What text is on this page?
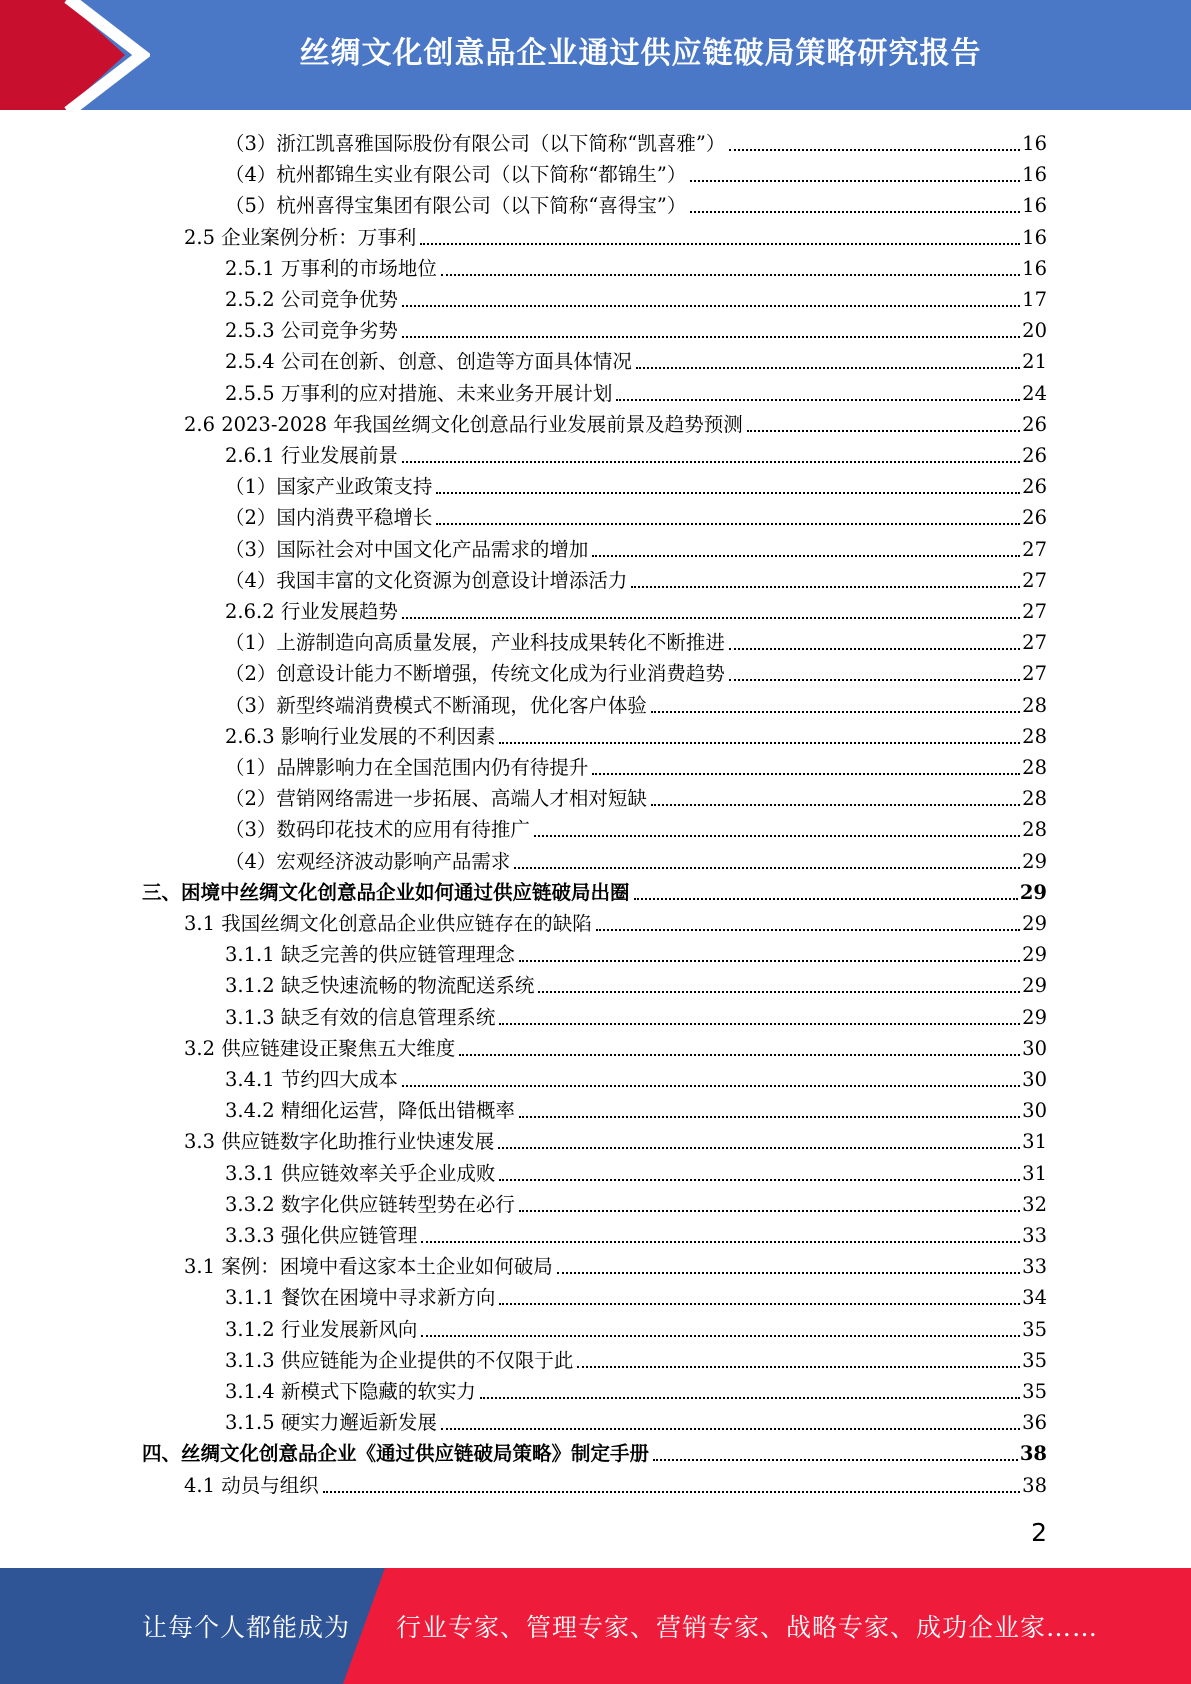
丝绸文化创意品企业通过供应链破局策略研究报告
（3）浙江凯喜雅国际股份有限公司（以下简称“凯喜雅”）	16
（4）杭州都锦生实业有限公司（以下简称“都锦生”）	16
（5）杭州喜得宝集团有限公司（以下简称“喜得宝”）	16
2.5 企业案例分析：万事利	16
2.5.1 万事利的市场地位	16
2.5.2 公司竞争优势	17
2.5.3 公司竞争劣势	20
2.5.4 公司在创新、创意、创造等方面具体情况	21
2.5.5 万事利的应对措施、未来业务开展计划	24
2.6 2023-2028 年我国丝绸文化创意品行业发展前景及趋势预测	26
2.6.1 行业发展前景	26
（1）国家产业政策支持	26
（2）国内消费平稳增长	26
（3）国际社会对中国文化产品需求的增加	27
（4）我国丰富的文化资源为创意设计增添活力	27
2.6.2 行业发展趋势	27
（1）上游制造向高质量发展，产业科技成果转化不断推进	27
（2）创意设计能力不断增强，传统文化成为行业消费趋势	27
（3）新型终端消费模式不断涌现，优化客户体验	28
2.6.3 影响行业发展的不利因素	28
（1）品牌影响力在全国范围内仍有待提升	28
（2）营销网络需进一步拓展、高端人才相对短缺	28
（3）数码印花技术的应用有待推广	28
（4）宏观经济波动影响产品需求	29
三、困境中丝绸文化创意品企业如何通过供应链破局出圈	29
3.1 我国丝绸文化创意品企业供应链存在的缺陷	29
3.1.1 缺乏完善的供应链管理理念	29
3.1.2 缺乏快速流畅的物流配送系统	29
3.1.3 缺乏有效的信息管理系统	29
3.2 供应链建设正聚焦五大维度	30
3.4.1 节约四大成本	30
3.4.2 精细化运营，降低出错概率	30
3.3 供应链数字化助推行业快速发展	31
3.3.1 供应链效率关乎企业成败	31
3.3.2 数字化供应链转型势在必行	32
3.3.3 强化供应链管理	33
3.1 案例：困境中看这家本土企业如何破局	33
3.1.1 餐饮在困境中寻求新方向	34
3.1.2 行业发展新风向	35
3.1.3 供应链能为企业提供的不仅限于此	35
3.1.4 新模式下隐藏的软实力	35
3.1.5 硬实力邂逅新发展	36
四、丝绸文化创意品企业《通过供应链破局策略》制定手册	38
4.1 动员与组织	38
2
让每个人都能成为 行业专家、管理专家、营销专家、战略专家、成功企业家……
